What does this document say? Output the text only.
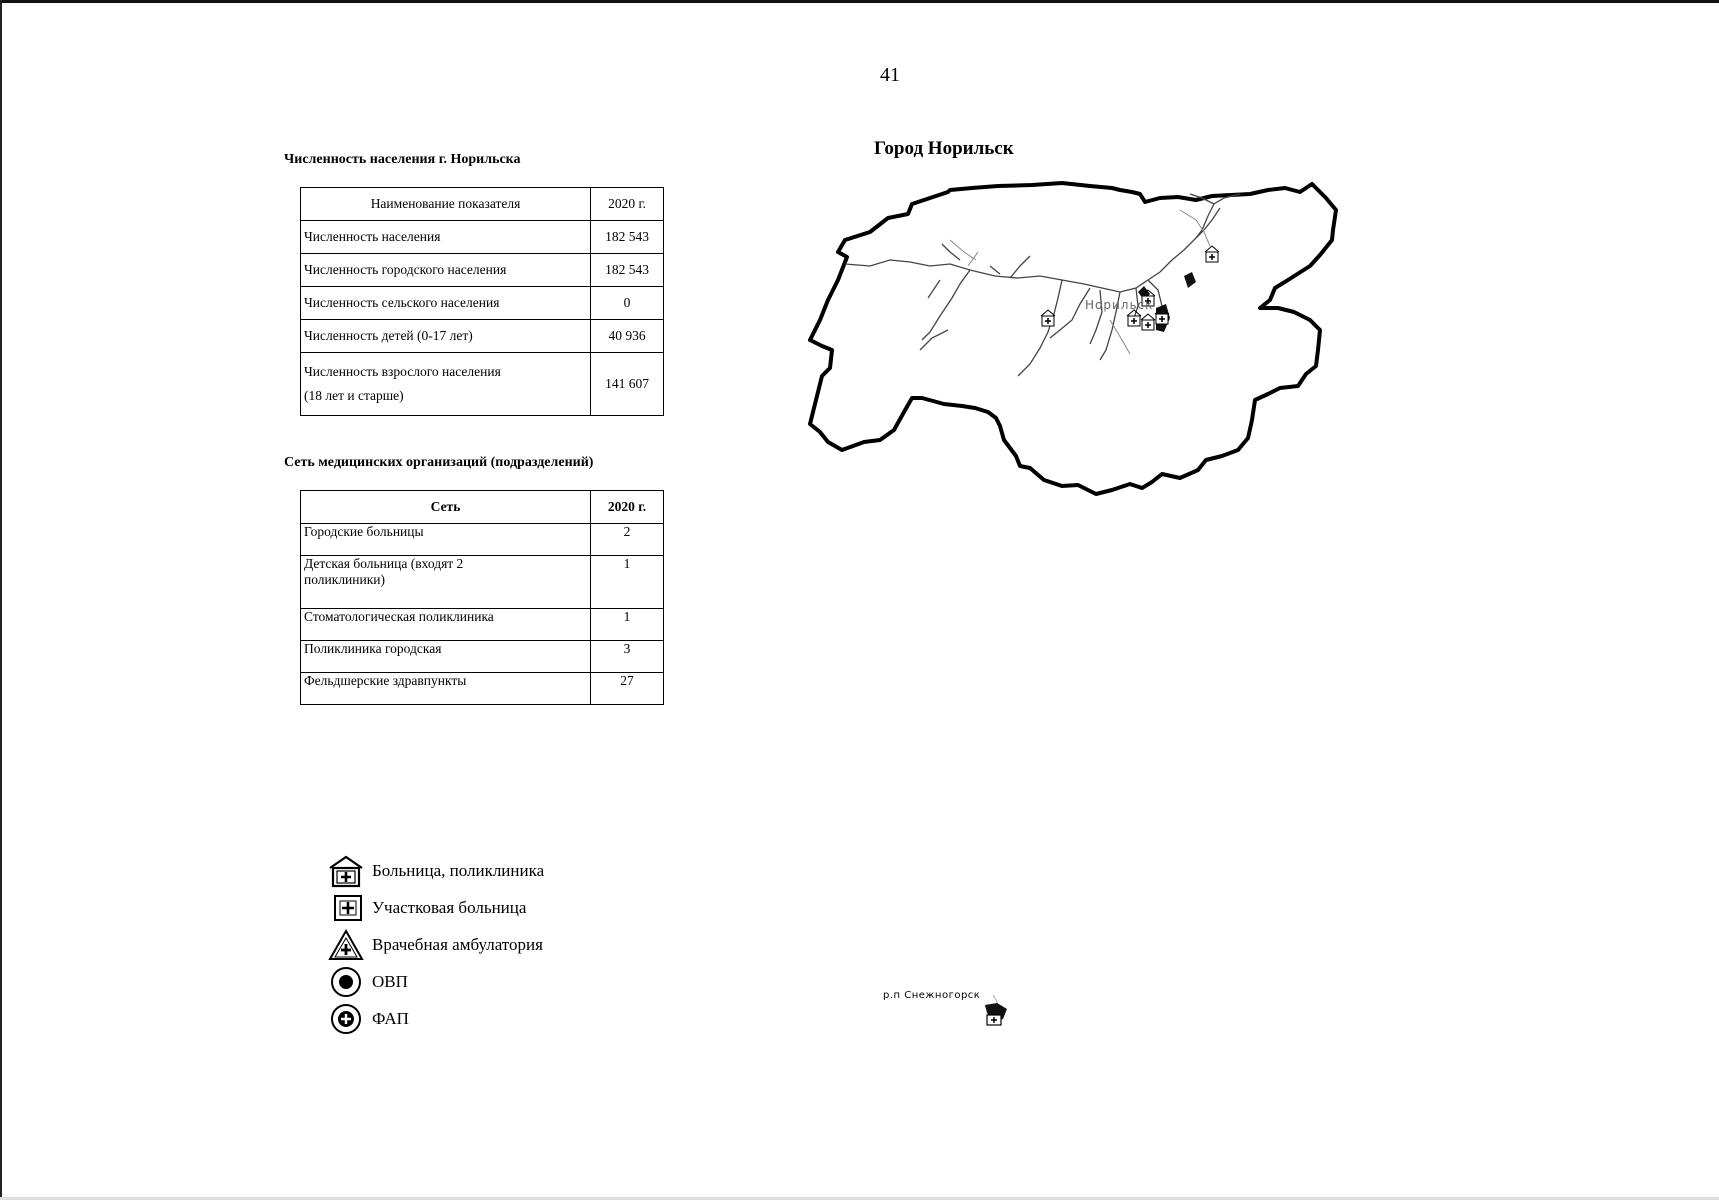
41
Численность населения г. Норильска
Наименование показателя	2020 г.
Численность населения	182 543
Численность городского населения	182 543
Численность сельского населения	0
Численность детей (0-17 лет)	40 936
Численность взрослого населения
(18 лет и старше)	141 607
Сеть медицинских организаций (подразделений)
Сеть	2020 г.
Городские больницы	2
Детская больница (входят 2
поликлиники)	1
Стоматологическая поликлиника	1
Поликлиника городская	3
Фельдшерские здравпункты	27
Город Норильск
Норильск
р.п Снежногорск
Больница, поликлиника
Участковая больница
Врачебная амбулатория
ОВП
ФАП
